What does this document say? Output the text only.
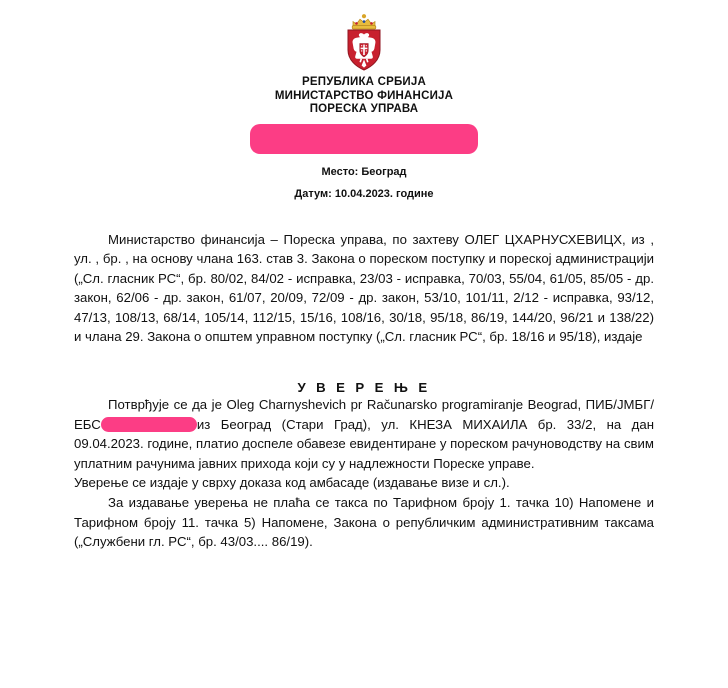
РЕПУБЛИКА СРБИЈА
МИНИСТАРСТВО ФИНАНСИЈА
ПОРЕСКА УПРАВА
Место: Београд
Датум: 10.04.2023. године

Министарство финансија – Пореска управа, по захтеву ОЛЕГ ЦХАРНУСХЕВИЦХ, из , ул. , бр. , на основу члана 163. став 3. Закона о пореском поступку и пореској администрацији („Сл. гласник РС“, бр. 80/02, 84/02 - исправка, 23/03 - исправка, 70/03, 55/04, 61/05, 85/05 - др. закон, 62/06 - др. закон, 61/07, 20/09, 72/09 - др. закон, 53/10, 101/11, 2/12 - исправка, 93/12, 47/13, 108/13, 68/14, 105/14, 112/15, 15/16, 108/16, 30/18, 95/18, 86/19, 144/20, 96/21 и 138/22) и члана 29. Закона о општем управном поступку („Сл. гласник РС“, бр. 18/16 и 95/18), издаје

У В Е Р Е Њ Е

Потврђује се да је Oleg Charnyshevich pr Računarsko programiranje Beograd, ПИБ/ЈМБГ/ЕБС	из Београд (Стари Град), ул. КНЕЗА МИХАИЛА бр. 33/2, на дан 09.04.2023. године, платио доспеле обавезе евидентиране у пореском рачуноводству на свим уплатним рачунима јавних прихода који су у надлежности Пореске управе.

Уверење се издаје у сврху доказа код амбасаде (издавање визе и сл.).

За издавање уверења не плаћа се такса по Тарифном броју 1. тачка 10) Напомене и Тарифном броју 11. тачка 5) Напомене, Закона о републичким административним таксама („Службени гл. РС“, бр. 43/03.... 86/19).
